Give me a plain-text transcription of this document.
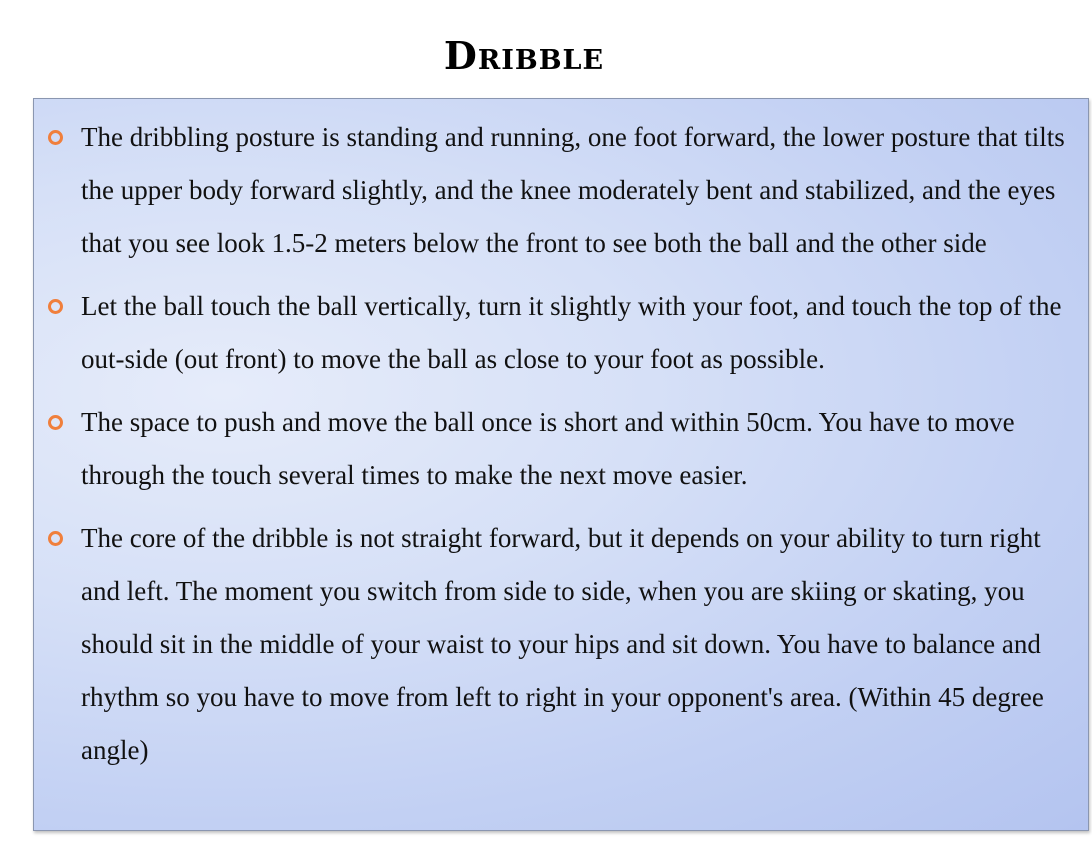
Dribble
The dribbling posture is standing and running, one foot forward, the lower posture that tilts the upper body forward slightly, and the knee moderately bent and stabilized, and the eyes that you see look 1.5-2 meters below the front to see both the ball and the other side
Let the ball touch the ball vertically, turn it slightly with your foot, and touch the top of the out-side (out front) to move the ball as close to your foot as possible.
The space to push and move the ball once is short and within 50cm. You have to move through the touch several times to make the next move easier.
The core of the dribble is not straight forward, but it depends on your ability to turn right and left. The moment you switch from side to side, when you are skiing or skating, you should sit in the middle of your waist to your hips and sit down. You have to balance and rhythm so you have to move from left to right in your opponent's area. (Within 45 degree angle)
